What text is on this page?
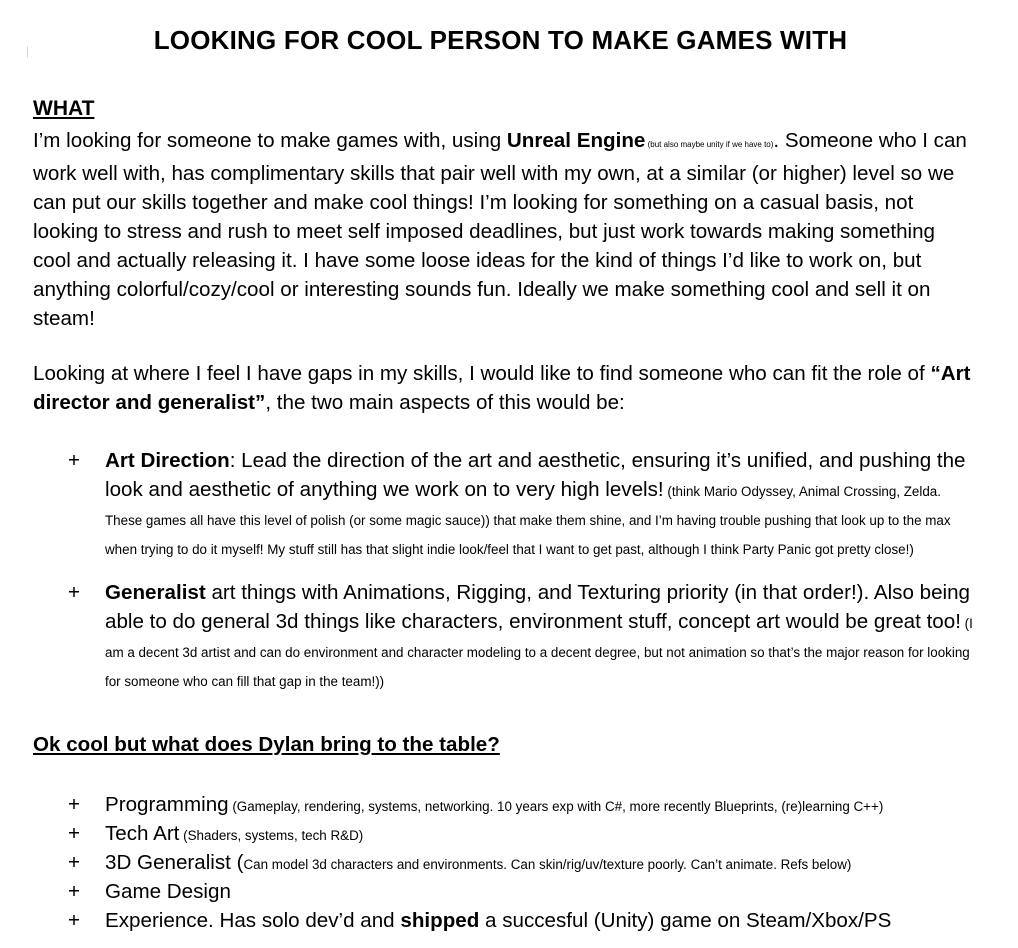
LOOKING FOR COOL PERSON TO MAKE GAMES WITH
WHAT
I’m looking for someone to make games with, using Unreal Engine (but also maybe unity if we have to). Someone who I can work well with, has complimentary skills that pair well with my own, at a similar (or higher) level so we can put our skills together and make cool things! I’m looking for something on a casual basis, not looking to stress and rush to meet self imposed deadlines, but just work towards making something cool and actually releasing it. I have some loose ideas for the kind of things I’d like to work on, but anything colorful/cozy/cool or interesting sounds fun. Ideally we make something cool and sell it on steam!
Looking at where I feel I have gaps in my skills, I would like to find someone who can fit the role of “Art director and generalist”, the two main aspects of this would be:
+	Art Direction: Lead the direction of the art and aesthetic, ensuring it’s unified, and pushing the look and aesthetic of anything we work on to very high levels! (think Mario Odyssey, Animal Crossing, Zelda. These games all have this level of polish (or some magic sauce)) that make them shine, and I’m having trouble pushing that look up to the max when trying to do it myself! My stuff still has that slight indie look/feel that I want to get past, although I think Party Panic got pretty close!)
+	Generalist art things with Animations, Rigging, and Texturing priority (in that order!). Also being able to do general 3d things like characters, environment stuff, concept art would be great too! (I am a decent 3d artist and can do environment and character modeling to a decent degree, but not animation so that’s the major reason for looking for someone who can fill that gap in the team!))
Ok cool but what does Dylan bring to the table?
+ Programming (Gameplay, rendering, systems, networking. 10 years exp with C#, more recently Blueprints, (re)learning C++)
+ Tech Art (Shaders, systems, tech R&D)
+ 3D Generalist (Can model 3d characters and environments. Can skin/rig/uv/texture poorly. Can’t animate. Refs below)
+ Game Design
+ Experience. Has solo dev’d and shipped a succesful (Unity) game on Steam/Xbox/PS
